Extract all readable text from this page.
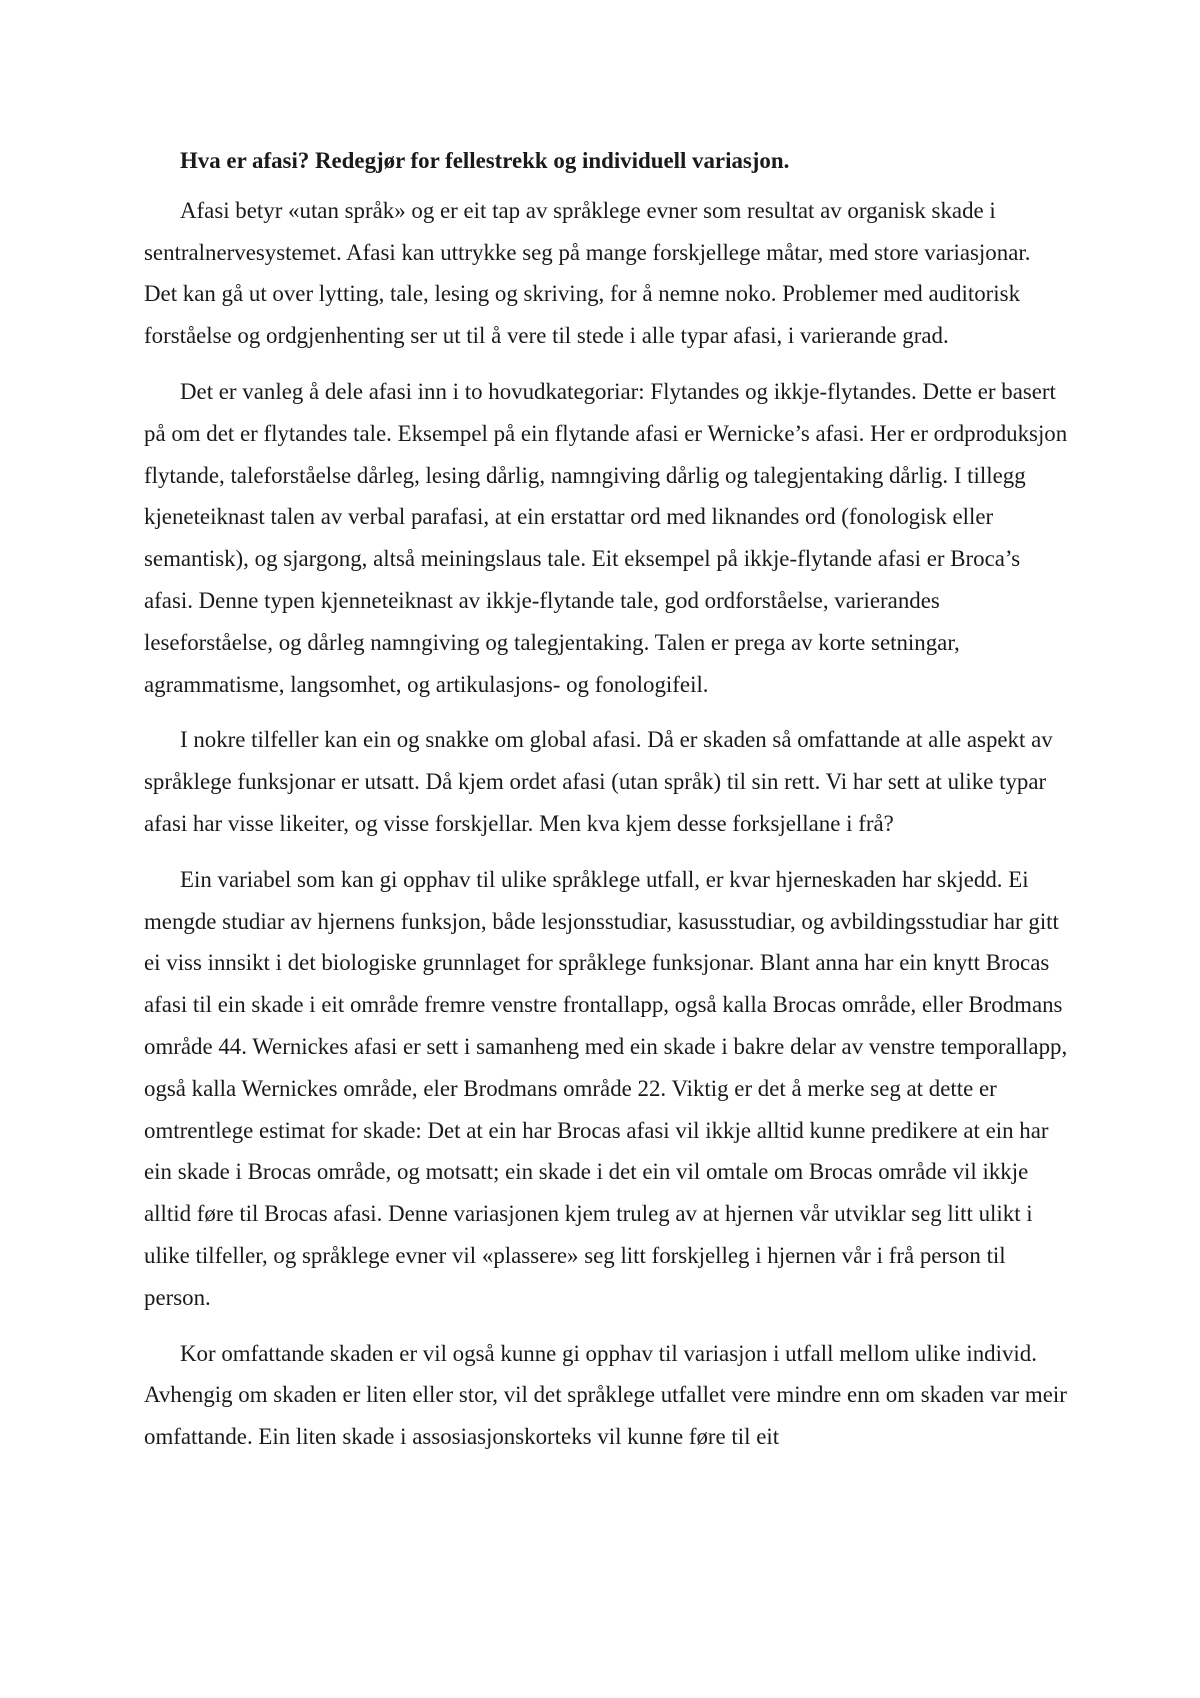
Hva er afasi? Redegjør for fellestrekk og individuell variasjon.

Afasi betyr «utan språk» og er eit tap av språklege evner som resultat av organisk skade i sentralnervesystemet. Afasi kan uttrykke seg på mange forskjellege måtar, med store variasjonar. Det kan gå ut over lytting, tale, lesing og skriving, for å nemne noko. Problemer med auditorisk forståelse og ordgjenhenting ser ut til å vere til stede i alle typar afasi, i varierande grad.

Det er vanleg å dele afasi inn i to hovudkategoriar: Flytandes og ikkje-flytandes. Dette er basert på om det er flytandes tale. Eksempel på ein flytande afasi er Wernicke’s afasi. Her er ordproduksjon flytande, taleforståelse dårleg, lesing dårlig, namngiving dårlig og talegjentaking dårlig. I tillegg kjeneteiknast talen av verbal parafasi, at ein erstattar ord med liknandes ord (fonologisk eller semantisk), og sjargong, altså meiningslaus tale. Eit eksempel på ikkje-flytande afasi er Broca’s afasi. Denne typen kjenneteiknast av ikkje-flytande tale, god ordforståelse, varierandes leseforståelse, og dårleg namngiving og talegjentaking. Talen er prega av korte setningar, agrammatisme, langsomhet, og artikulasjons- og fonologifeil.

I nokre tilfeller kan ein og snakke om global afasi. Då er skaden så omfattande at alle aspekt av språklege funksjonar er utsatt. Då kjem ordet afasi (utan språk) til sin rett. Vi har sett at ulike typar afasi har visse likeiter, og visse forskjellar. Men kva kjem desse forksjellane i frå?

Ein variabel som kan gi opphav til ulike språklege utfall, er kvar hjerneskaden har skjedd. Ei mengde studiar av hjernens funksjon, både lesjonsstudiar, kasusstudiar, og avbildingsstudiar har gitt ei viss innsikt i det biologiske grunnlaget for språklege funksjonar. Blant anna har ein knytt Brocas afasi til ein skade i eit område fremre venstre frontallapp, også kalla Brocas område, eller Brodmans område 44. Wernickes afasi er sett i samanheng med ein skade i bakre delar av venstre temporallapp, også kalla Wernickes område, eler Brodmans område 22. Viktig er det å merke seg at dette er omtrentlege estimat for skade: Det at ein har Brocas afasi vil ikkje alltid kunne predikere at ein har ein skade i Brocas område, og motsatt; ein skade i det ein vil omtale om Brocas område vil ikkje alltid føre til Brocas afasi. Denne variasjonen kjem truleg av at hjernen vår utviklar seg litt ulikt i ulike tilfeller, og språklege evner vil «plassere» seg litt forskjelleg i hjernen vår i frå person til person.

Kor omfattande skaden er vil også kunne gi opphav til variasjon i utfall mellom ulike individ. Avhengig om skaden er liten eller stor, vil det språklege utfallet vere mindre enn om skaden var meir omfattande. Ein liten skade i assosiasjonskorteks vil kunne føre til eit
